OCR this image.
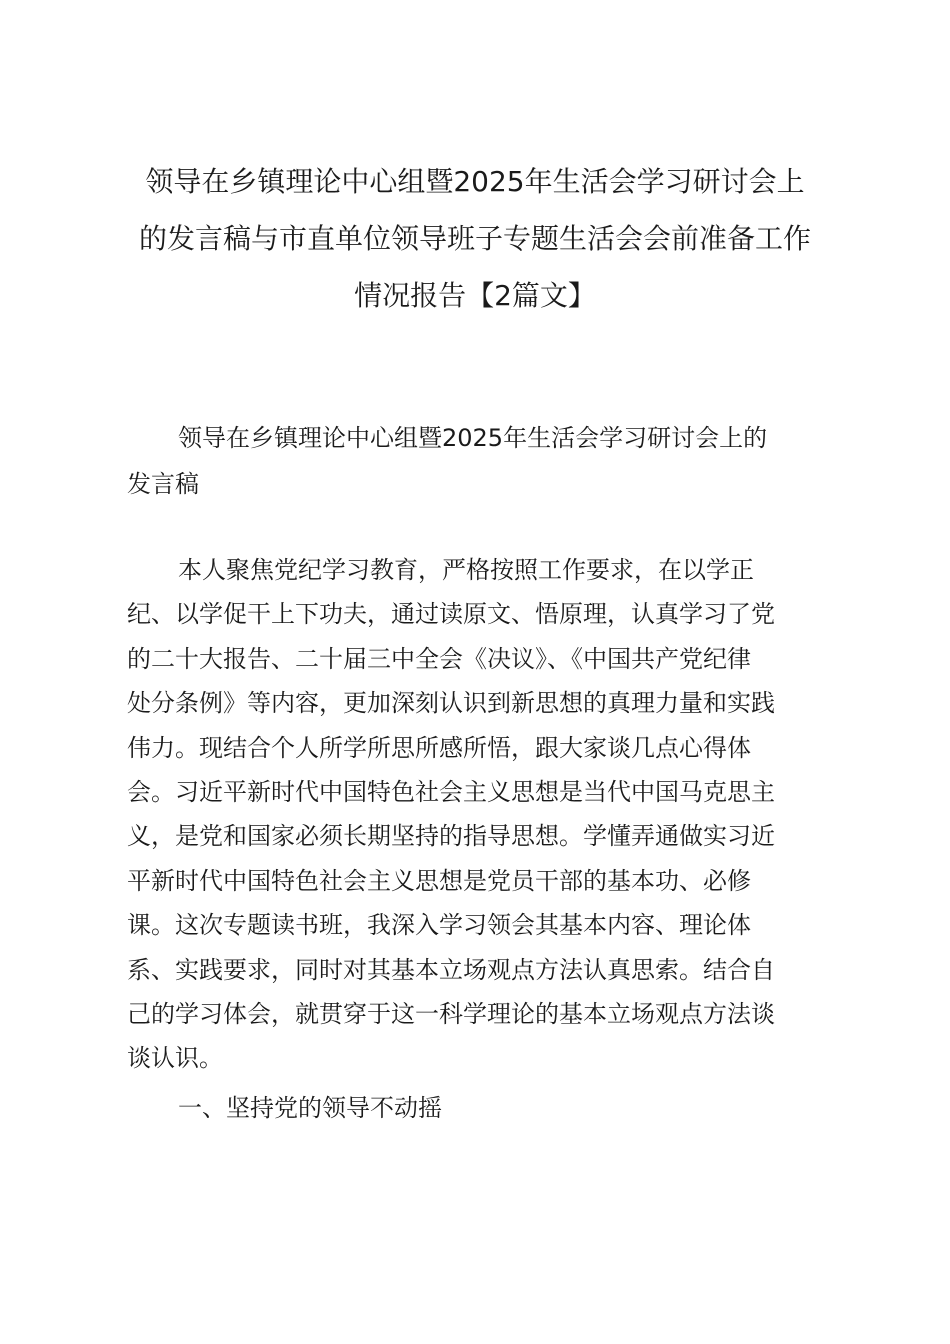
领导在乡镇理论中心组暨2025年生活会学习研讨会上
的发言稿与市直单位领导班子专题生活会会前准备工作
情况报告【2篇文】
领导在乡镇理论中心组暨2025年生活会学习研讨会上的
发言稿

本人聚焦党纪学习教育，严格按照工作要求，在以学正
纪、以学促干上下功夫，通过读原文、悟原理，认真学习了党
的二十大报告、二十届三中全会《决议》、《中国共产党纪律
处分条例》等内容，更加深刻认识到新思想的真理力量和实践
伟力。现结合个人所学所思所感所悟，跟大家谈几点心得体
会。习近平新时代中国特色社会主义思想是当代中国马克思主
义，是党和国家必须长期坚持的指导思想。学懂弄通做实习近
平新时代中国特色社会主义思想是党员干部的基本功、必修
课。这次专题读书班，我深入学习领会其基本内容、理论体
系、实践要求，同时对其基本立场观点方法认真思索。结合自
己的学习体会，就贯穿于这一科学理论的基本立场观点方法谈
谈认识。

一、坚持党的领导不动摇
